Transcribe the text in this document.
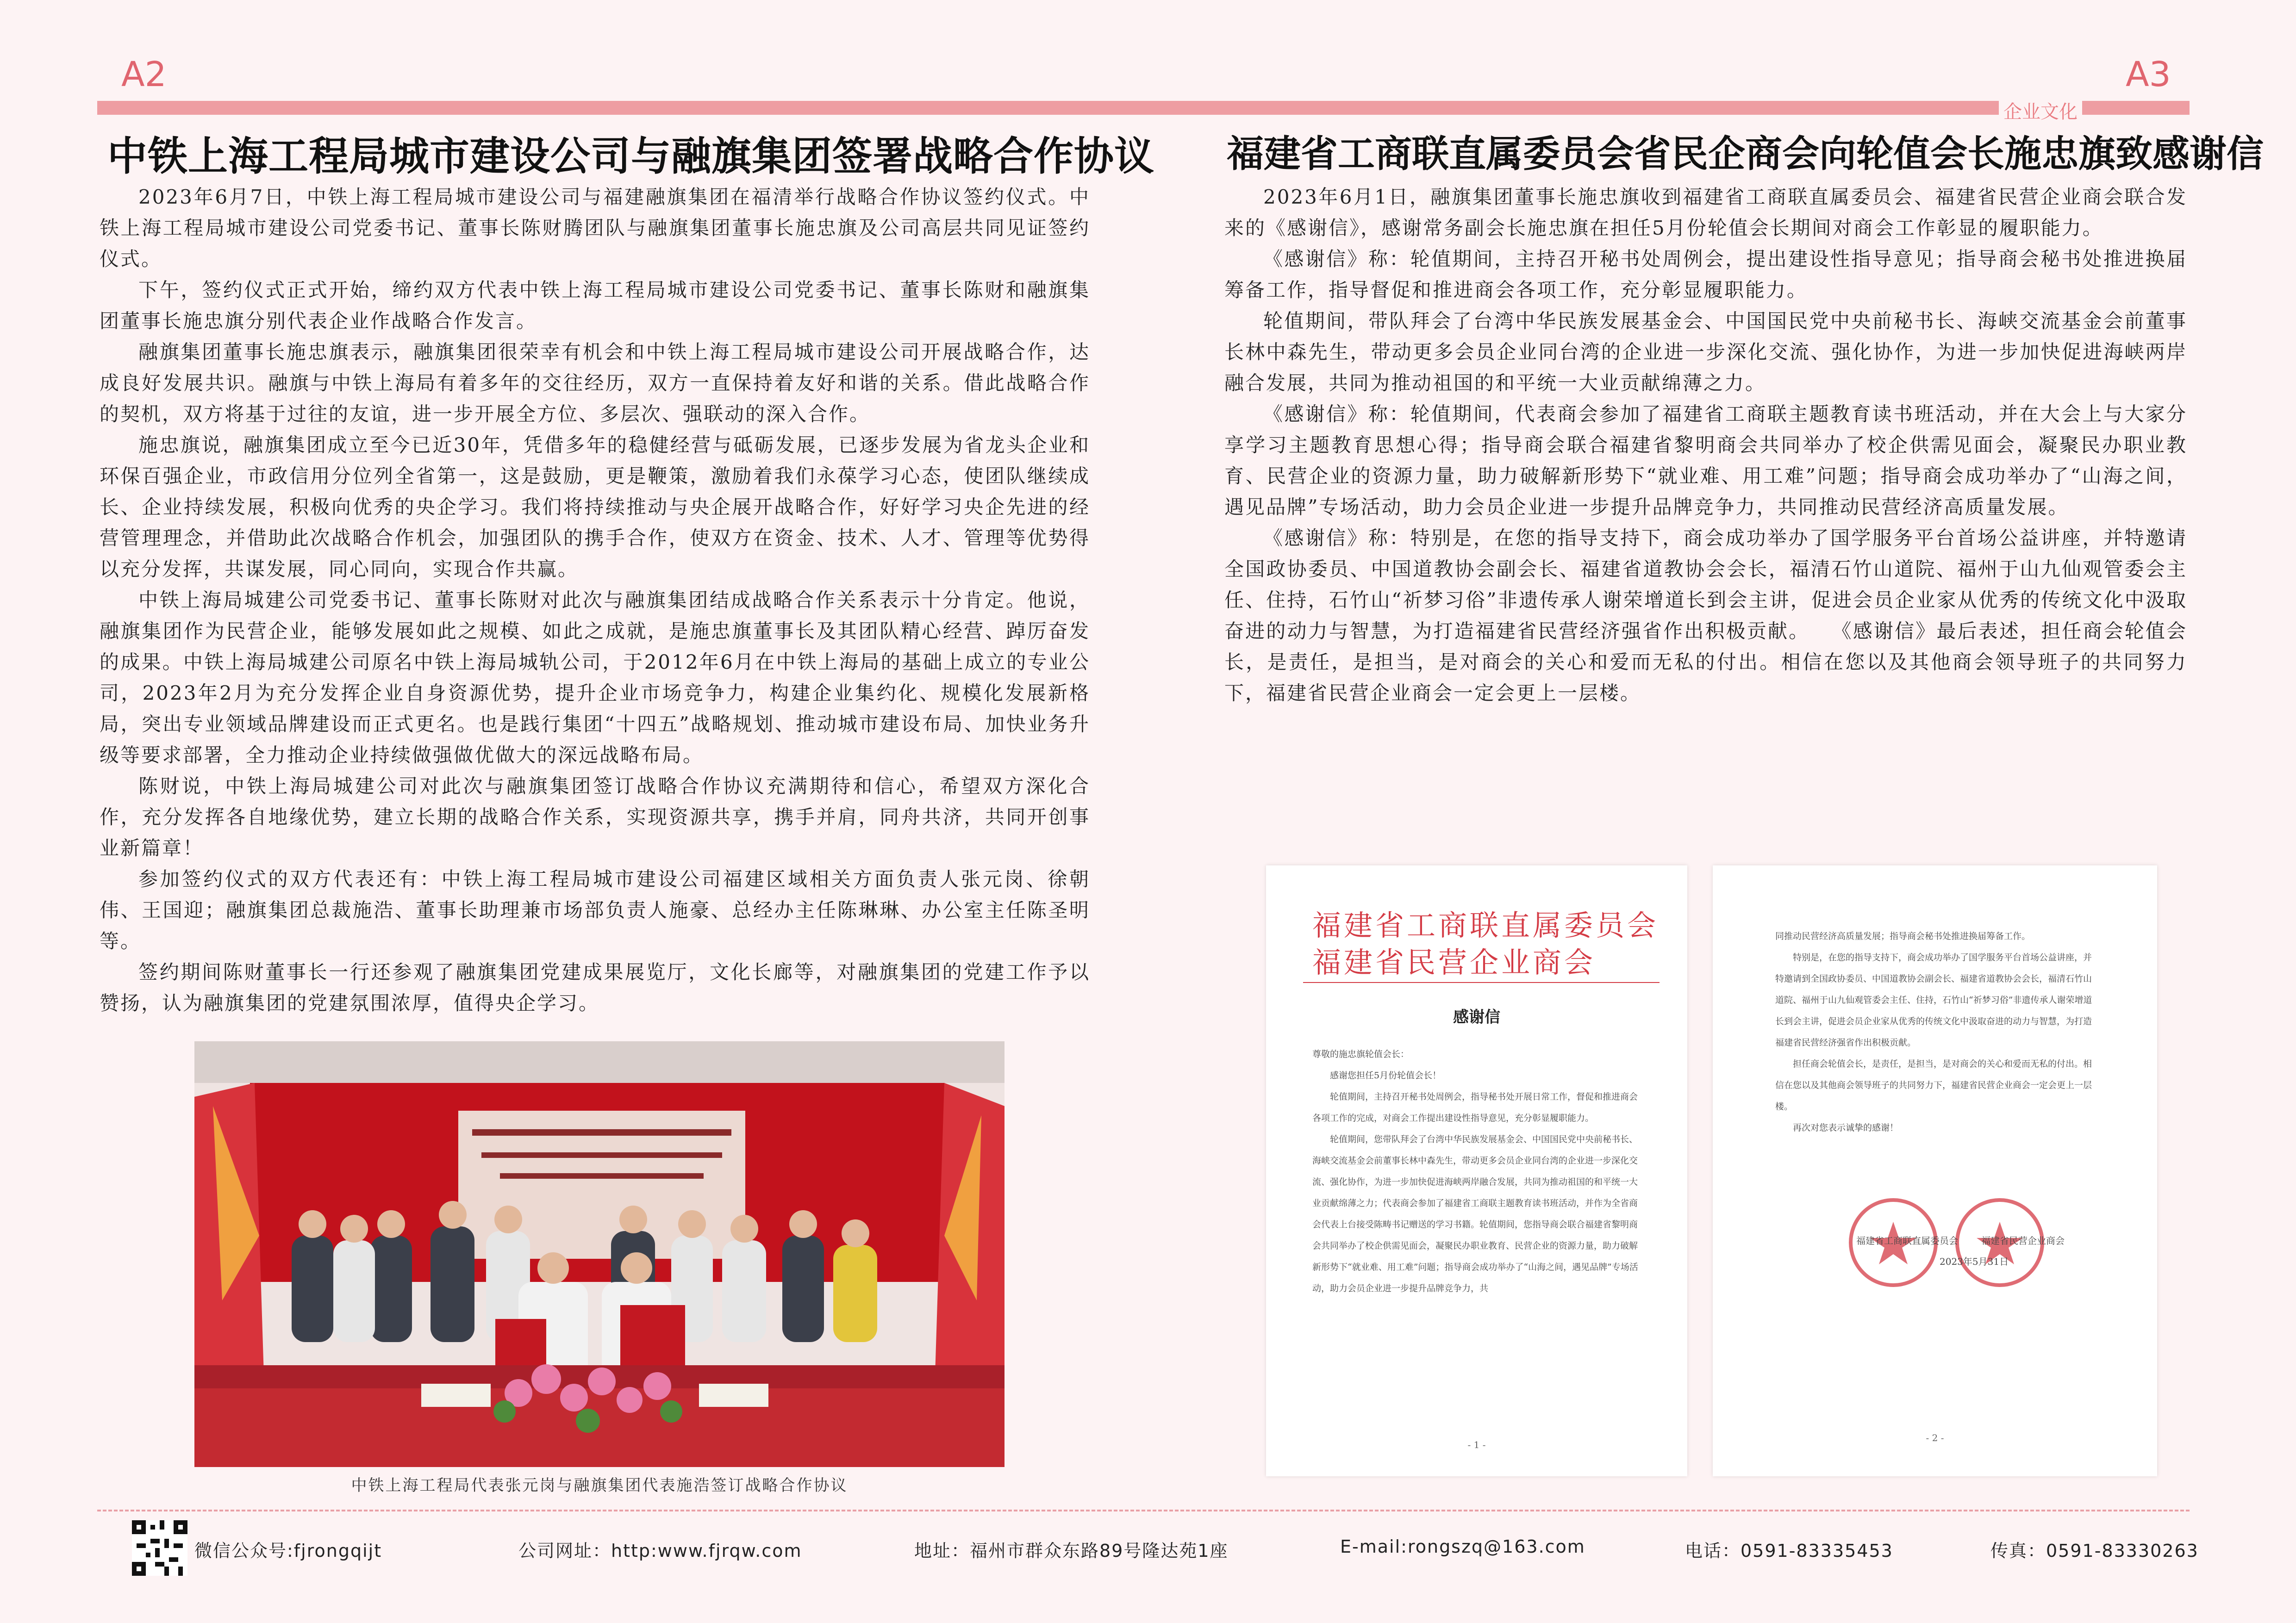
A2	A3
企业文化
中铁上海工程局城市建设公司与融旗集团签署战略合作协议

2023年6月7日，中铁上海工程局城市建设公司与福建融旗集团在福清举行战略合作协议签约仪式。中铁上海工程局城市建设公司党委书记、董事长陈财腾团队与融旗集团董事长施忠旗及公司高层共同见证签约仪式。

下午，签约仪式正式开始，缔约双方代表中铁上海工程局城市建设公司党委书记、董事长陈财和融旗集团董事长施忠旗分别代表企业作战略合作发言。

融旗集团董事长施忠旗表示，融旗集团很荣幸有机会和中铁上海工程局城市建设公司开展战略合作，达成良好发展共识。融旗与中铁上海局有着多年的交往经历，双方一直保持着友好和谐的关系。借此战略合作的契机，双方将基于过往的友谊，进一步开展全方位、多层次、强联动的深入合作。

施忠旗说，融旗集团成立至今已近30年，凭借多年的稳健经营与砥砺发展，已逐步发展为省龙头企业和环保百强企业，市政信用分位列全省第一，这是鼓励，更是鞭策，激励着我们永葆学习心态，使团队继续成长、企业持续发展，积极向优秀的央企学习。我们将持续推动与央企展开战略合作，好好学习央企先进的经营管理理念，并借助此次战略合作机会，加强团队的携手合作，使双方在资金、技术、人才、管理等优势得以充分发挥，共谋发展，同心同向，实现合作共赢。

中铁上海局城建公司党委书记、董事长陈财对此次与融旗集团结成战略合作关系表示十分肯定。他说，融旗集团作为民营企业，能够发展如此之规模、如此之成就，是施忠旗董事长及其团队精心经营、踔厉奋发的成果。中铁上海局城建公司原名中铁上海局城轨公司，于2012年6月在中铁上海局的基础上成立的专业公司，2023年2月为充分发挥企业自身资源优势，提升企业市场竞争力，构建企业集约化、规模化发展新格局，突出专业领域品牌建设而正式更名。也是践行集团“十四五”战略规划、推动城市建设布局、加快业务升级等要求部署，全力推动企业持续做强做优做大的深远战略布局。

陈财说，中铁上海局城建公司对此次与融旗集团签订战略合作协议充满期待和信心，希望双方深化合作，充分发挥各自地缘优势，建立长期的战略合作关系，实现资源共享，携手并肩，同舟共济，共同开创事业新篇章！

参加签约仪式的双方代表还有：中铁上海工程局城市建设公司福建区域相关方面负责人张元岗、徐朝伟、王国迎；融旗集团总裁施浩、董事长助理兼市场部负责人施豪、总经办主任陈琳琳、办公室主任陈圣明等。

签约期间陈财董事长一行还参观了融旗集团党建成果展览厅，文化长廊等，对融旗集团的党建工作予以赞扬，认为融旗集团的党建氛围浓厚，值得央企学习。

中铁上海工程局代表张元岗与融旗集团代表施浩签订战略合作协议
福建省工商联直属委员会省民企商会向轮值会长施忠旗致感谢信

2023年6月1日，融旗集团董事长施忠旗收到福建省工商联直属委员会、福建省民营企业商会联合发来的《感谢信》，感谢常务副会长施忠旗在担任5月份轮值会长期间对商会工作彰显的履职能力。

《感谢信》称：轮值期间，主持召开秘书处周例会，提出建设性指导意见；指导商会秘书处推进换届筹备工作，指导督促和推进商会各项工作，充分彰显履职能力。

轮值期间，带队拜会了台湾中华民族发展基金会、中国国民党中央前秘书长、海峡交流基金会前董事长林中森先生，带动更多会员企业同台湾的企业进一步深化交流、强化协作，为进一步加快促进海峡两岸融合发展，共同为推动祖国的和平统一大业贡献绵薄之力。

《感谢信》称：轮值期间，代表商会参加了福建省工商联主题教育读书班活动，并在大会上与大家分享学习主题教育思想心得；指导商会联合福建省黎明商会共同举办了校企供需见面会，凝聚民办职业教育、民营企业的资源力量，助力破解新形势下“就业难、用工难”问题；指导商会成功举办了“山海之间，遇见品牌”专场活动，助力会员企业进一步提升品牌竞争力，共同推动民营经济高质量发展。

《感谢信》称：特别是，在您的指导支持下，商会成功举办了国学服务平台首场公益讲座，并特邀请全国政协委员、中国道教协会副会长、福建省道教协会会长，福清石竹山道院、福州于山九仙观管委会主任、住持，石竹山“祈梦习俗”非遗传承人谢荣增道长到会主讲，促进会员企业家从优秀的传统文化中汲取奋进的动力与智慧，为打造福建省民营经济强省作出积极贡献。　　《感谢信》最后表述，担任商会轮值会长，是责任，是担当，是对商会的关心和爱而无私的付出。相信在您以及其他商会领导班子的共同努力下，福建省民营企业商会一定会更上一层楼。

福建省工商联直属委员会
福建省民营企业商会
感谢信

尊敬的施忠旗轮值会长：

感谢您担任5月份轮值会长！

轮值期间，主持召开秘书处周例会，指导秘书处开展日常工作，督促和推进商会各项工作的完成，对商会工作提出建设性指导意见，充分彰显履职能力。

轮值期间，您带队拜会了台湾中华民族发展基金会、中国国民党中央前秘书长、海峡交流基金会前董事长林中森先生，带动更多会员企业同台湾的企业进一步深化交流、强化协作，为进一步加快促进海峡两岸融合发展，共同为推动祖国的和平统一大业贡献绵薄之力；代表商会参加了福建省工商联主题教育读书班活动，并作为全省商会代表上台接受陈畴书记赠送的学习书籍。轮值期间，您指导商会联合福建省黎明商会共同举办了校企供需见面会，凝聚民办职业教育、民营企业的资源力量，助力破解新形势下“就业难、用工难”问题；指导商会成功举办了“山海之间，遇见品牌”专场活动，助力会员企业进一步提升品牌竞争力，共

- 1 -

同推动民营经济高质量发展；指导商会秘书处推进换届筹备工作。

特别是，在您的指导支持下，商会成功举办了国学服务平台首场公益讲座，并特邀请到全国政协委员、中国道教协会副会长、福建省道教协会会长，福清石竹山道院、福州于山九仙观管委会主任、住持，石竹山“祈梦习俗”非遗传承人谢荣增道长到会主讲，促进会员企业家从优秀的传统文化中汲取奋进的动力与智慧，为打造福建省民营经济强省作出积极贡献。

担任商会轮值会长，是责任，是担当，是对商会的关心和爱而无私的付出。相信在您以及其他商会领导班子的共同努力下，福建省民营企业商会一定会更上一层楼。

再次对您表示诚挚的感谢！

福建省工商联直属委员会	福建省民营企业商会
2023年5月31日
- 2 -
微信公众号:fjrongqijt	公司网址：http:www.fjrqw.com	地址：福州市群众东路89号隆达苑1座	E-mail:rongszq@163.com	电话：0591-83335453	传真：0591-83330263
